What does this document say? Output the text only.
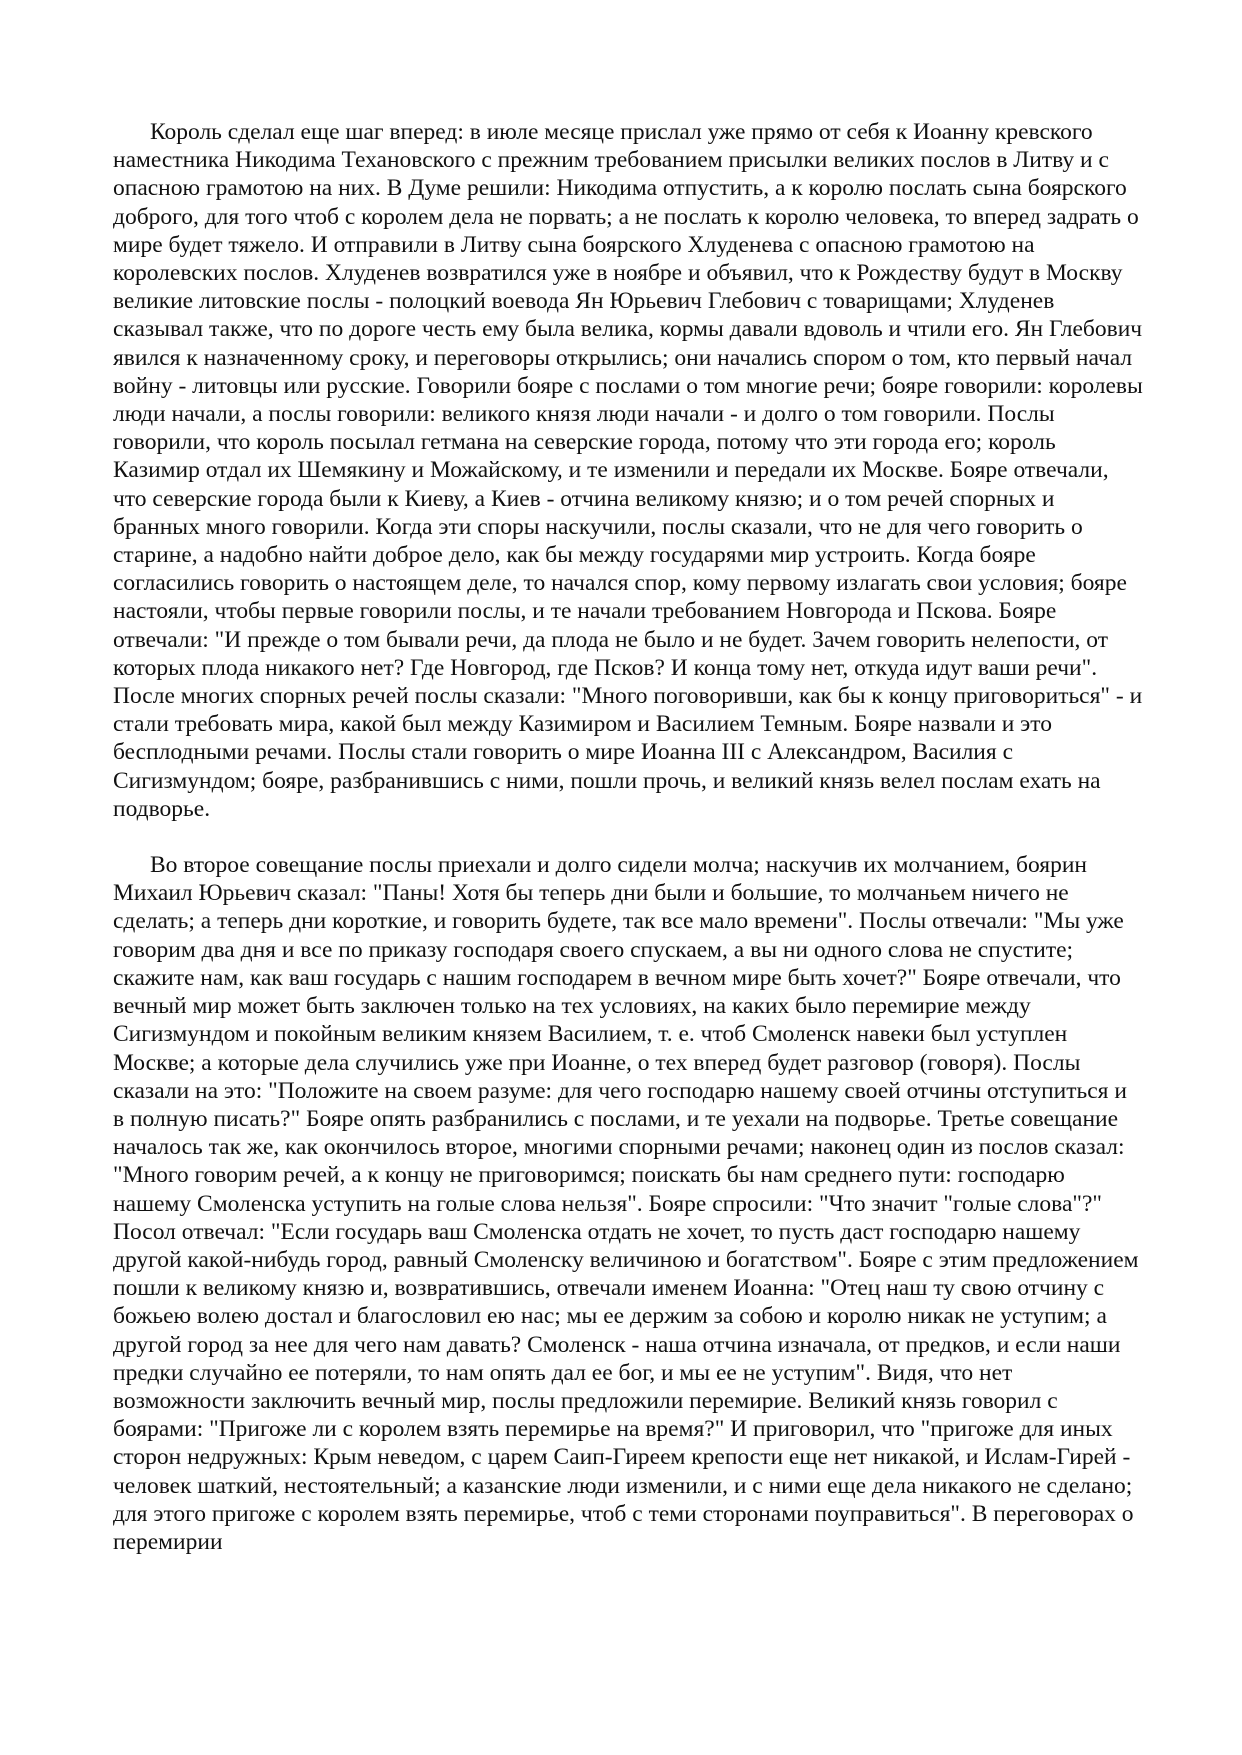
Король сделал еще шаг вперед: в июле месяце прислал уже прямо от себя к Иоанну кревского наместника Никодима Техановского с прежним требованием присылки великих послов в Литву и с опасною грамотою на них. В Думе решили: Никодима отпустить, а к королю послать сына боярского доброго, для того чтоб с королем дела не порвать; а не послать к королю человека, то вперед задрать о мире будет тяжело. И отправили в Литву сына боярского Хлуденева с опасною грамотою на королевских послов. Хлуденев возвратился уже в ноябре и объявил, что к Рождеству будут в Москву великие литовские послы - полоцкий воевода Ян Юрьевич Глебович с товарищами; Хлуденев сказывал также, что по дороге честь ему была велика, кормы давали вдоволь и чтили его. Ян Глебович явился к назначенному сроку, и переговоры открылись; они начались спором о том, кто первый начал войну - литовцы или русские. Говорили бояре с послами о том многие речи; бояре говорили: королевы люди начали, а послы говорили: великого князя люди начали - и долго о том говорили. Послы говорили, что король посылал гетмана на северские города, потому что эти города его; король Казимир отдал их Шемякину и Можайскому, и те изменили и передали их Москве. Бояре отвечали, что северские города были к Киеву, а Киев - отчина великому князю; и о том речей спорных и бранных много говорили. Когда эти споры наскучили, послы сказали, что не для чего говорить о старине, а надобно найти доброе дело, как бы между государями мир устроить. Когда бояре согласились говорить о настоящем деле, то начался спор, кому первому излагать свои условия; бояре настояли, чтобы первые говорили послы, и те начали требованием Новгорода и Пскова. Бояре отвечали: "И прежде о том бывали речи, да плода не было и не будет. Зачем говорить нелепости, от которых плода никакого нет? Где Новгород, где Псков? И конца тому нет, откуда идут ваши речи". После многих спорных речей послы сказали: "Много поговоривши, как бы к концу приговориться" - и стали требовать мира, какой был между Казимиром и Василием Темным. Бояре назвали и это бесплодными речами. Послы стали говорить о мире Иоанна III с Александром, Василия с Сигизмундом; бояре, разбранившись с ними, пошли прочь, и великий князь велел послам ехать на подворье.

Во второе совещание послы приехали и долго сидели молча; наскучив их молчанием, боярин Михаил Юрьевич сказал: "Паны! Хотя бы теперь дни были и большие, то молчаньем ничего не сделать; а теперь дни короткие, и говорить будете, так все мало времени". Послы отвечали: "Мы уже говорим два дня и все по приказу господаря своего спускаем, а вы ни одного слова не спустите; скажите нам, как ваш государь с нашим господарем в вечном мире быть хочет?" Бояре отвечали, что вечный мир может быть заключен только на тех условиях, на каких было перемирие между Сигизмундом и покойным великим князем Василием, т. е. чтоб Смоленск навеки был уступлен Москве; а которые дела случились уже при Иоанне, о тех вперед будет разговор (говоря). Послы сказали на это: "Положите на своем разуме: для чего господарю нашему своей отчины отступиться и в полную писать?" Бояре опять разбранились с послами, и те уехали на подворье. Третье совещание началось так же, как окончилось второе, многими спорными речами; наконец один из послов сказал: "Много говорим речей, а к концу не приговоримся; поискать бы нам среднего пути: господарю нашему Смоленска уступить на голые слова нельзя". Бояре спросили: "Что значит "голые слова"?" Посол отвечал: "Если государь ваш Смоленска отдать не хочет, то пусть даст господарю нашему другой какой-нибудь город, равный Смоленску величиною и богатством". Бояре с этим предложением пошли к великому князю и, возвратившись, отвечали именем Иоанна: "Отец наш ту свою отчину с божьею волею достал и благословил ею нас; мы ее держим за собою и королю никак не уступим; а другой город за нее для чего нам давать? Смоленск - наша отчина изначала, от предков, и если наши предки случайно ее потеряли, то нам опять дал ее бог, и мы ее не уступим". Видя, что нет возможности заключить вечный мир, послы предложили перемирие. Великий князь говорил с боярами: "Пригоже ли с королем взять перемирье на время?" И приговорил, что "пригоже для иных сторон недружных: Крым неведом, с царем Саип-Гиреем крепости еще нет никакой, и Ислам-Гирей - человек шаткий, нестоятельный; а казанские люди изменили, и с ними еще дела никакого не сделано; для этого пригоже с королем взять перемирье, чтоб с теми сторонами поуправиться". В переговорах о перемирии
